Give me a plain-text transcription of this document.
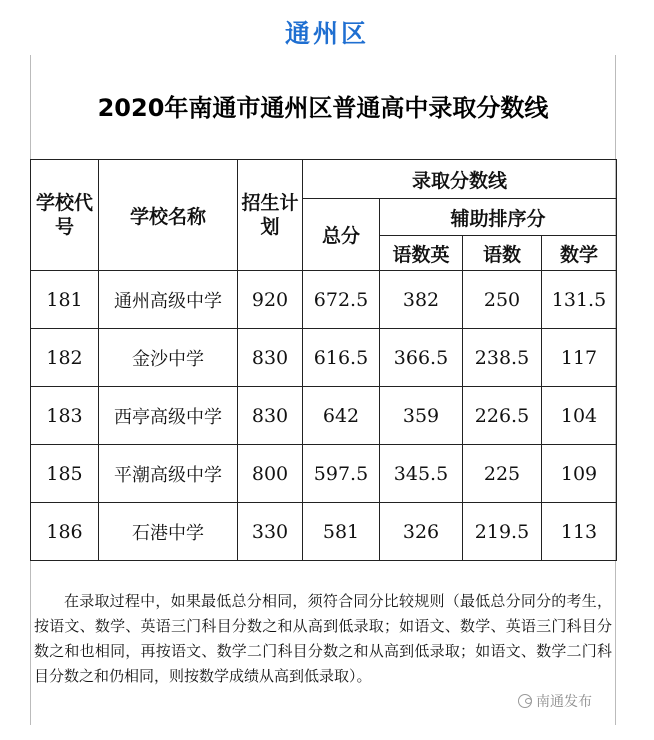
通州区
2020年南通市通州区普通高中录取分数线
学校代号	学校名称	招生计划	录取分数线			
			总分	辅助排序分		
				语数英	语数	数学
181	通州高级中学	920	672.5	382	250	131.5
182	金沙中学	830	616.5	366.5	238.5	117
183	西亭高级中学	830	642	359	226.5	104
185	平潮高级中学	800	597.5	345.5	225	109
186	石港中学	330	581	326	219.5	113

在录取过程中，如果最低总分相同，须符合同分比较规则（最低总分同分的考生，按语文、数学、英语三门科目分数之和从高到低录取；如语文、数学、英语三门科目分数之和也相同，再按语文、数学二门科目分数之和从高到低录取；如语文、数学二门科目分数之和仍相同，则按数学成绩从高到低录取）。

南通发布
